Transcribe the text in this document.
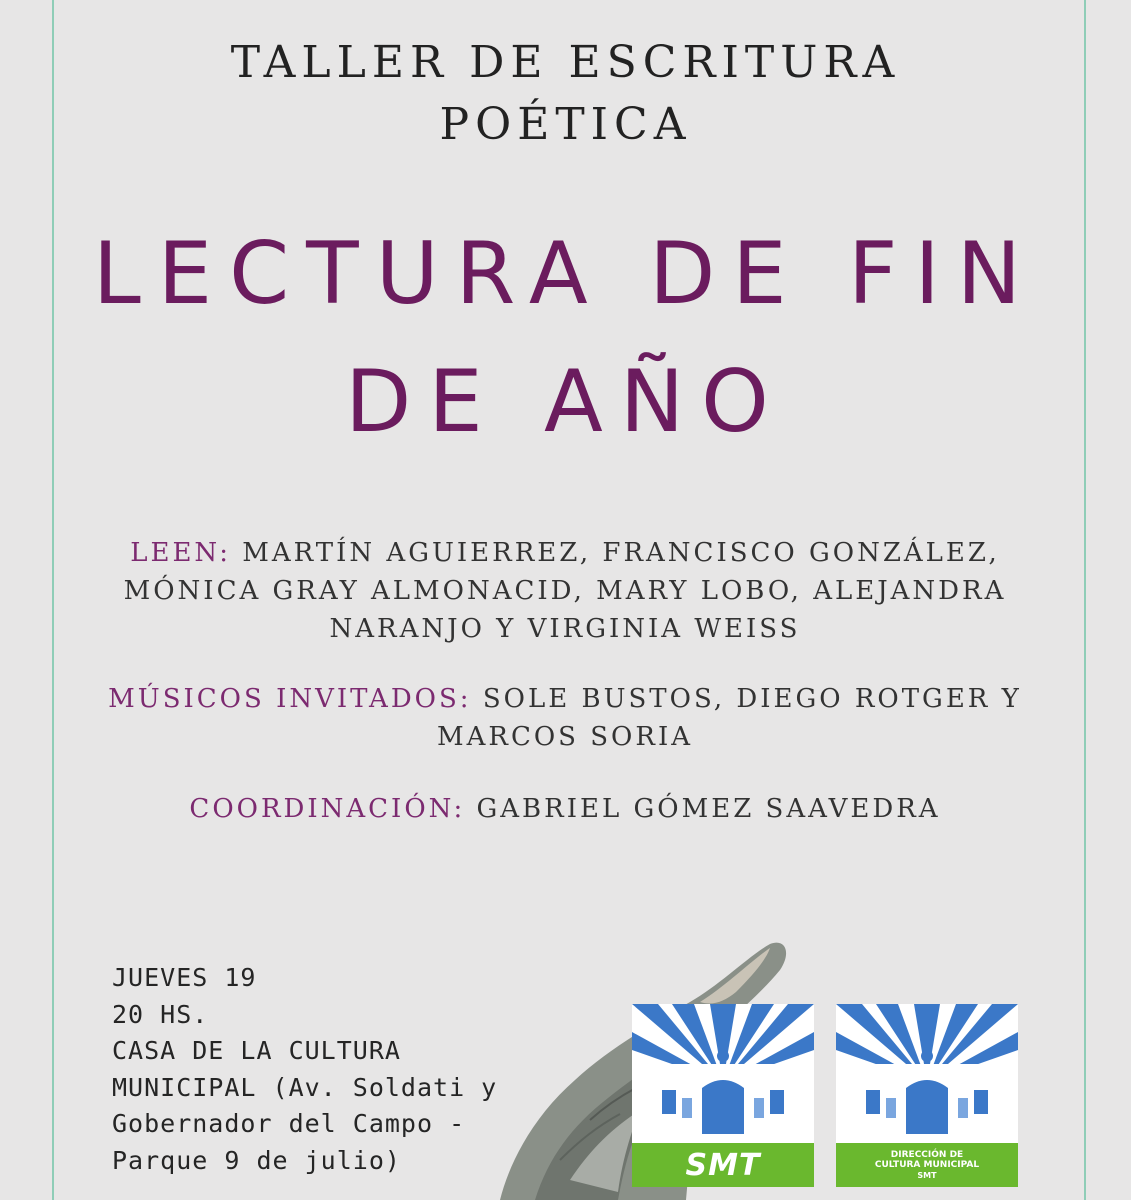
TALLER DE ESCRITURA
POÉTICA
LECTURA DE FIN
DE AÑO
LEEN: MARTÍN AGUIERREZ, FRANCISCO GONZÁLEZ,
MÓNICA GRAY ALMONACID, MARY LOBO, ALEJANDRA
NARANJO Y VIRGINIA WEISS
MÚSICOS INVITADOS: SOLE BUSTOS, DIEGO ROTGER Y
MARCOS SORIA
COORDINACIÓN: GABRIEL GÓMEZ SAAVEDRA
JUEVES 19
20 HS.
CASA DE LA CULTURA
MUNICIPAL (Av. Soldati y
Gobernador del Campo -
Parque 9 de julio)	SMT	DIRECCIÓN DE
CULTURA MUNICIPAL
SMT
